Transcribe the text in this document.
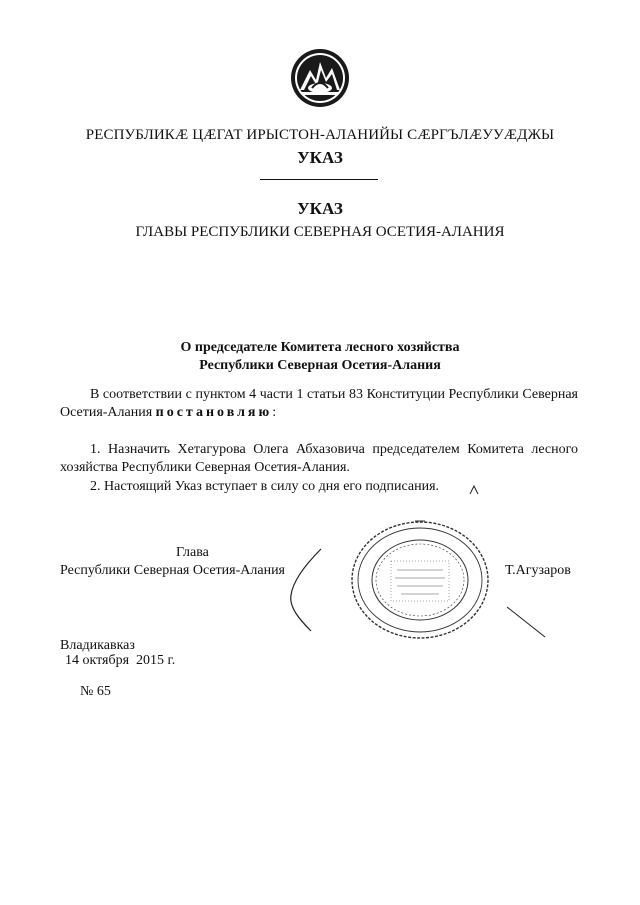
РЕСПУБЛИКӔ ЦӔГАТ ИРЫСТОН-АЛАНИЙЫ СӔРГЪЛӔУУӔДЖЫ
УКАЗ
УКАЗ
ГЛАВЫ РЕСПУБЛИКИ СЕВЕРНАЯ ОСЕТИЯ-АЛАНИЯ
О председателе Комитета лесного хозяйства
Республики Северная Осетия-Алания
В соответствии с пунктом 4 части 1 статьи 83 Конституции Республики Северная Осетия-Алания постановляю:
1. Назначить Хетагурова Олега Абхазовича председателем Комитета лесного хозяйства Республики Северная Осетия-Алания.
2. Настоящий Указ вступает в силу со дня его подписания.
Глава
Республики Северная Осетия-Алания	Т.Агузаров
Владикавказ
14 октября  2015 г.
№ 65
